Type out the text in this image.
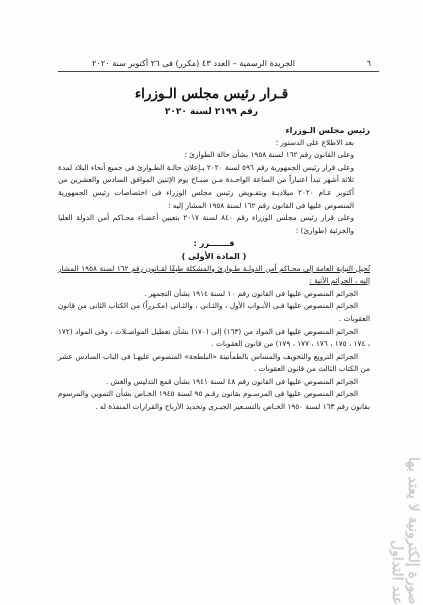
٦
الجريدة الرسمية – العدد ٤٣ (مكرر) فى ٢٦ أكتوبر سنة ٢٠٢٠
قـرار رئيس مجلس الـوزراء
رقم ٢١٩٩ لسنة ٢٠٢٠

رئيس مجلس الـوزراء

بعد الاطلاع على الدستور ؛

وعلى القانون رقم ١٦٢ لسنة ١٩٥٨ بشأن حالة الطوارئ ؛

وعلى قرار رئيس الجمهورية رقم ٥٩٦ لسنة ٢٠٢٠ بـإعلان حالـة الطـوارئ فى جميع أنحاء البلاد لمدة ثلاثة أشهر تبدأ اعتباراً من الساعة الواحـدة مـن صبـاح يوم الإثنين الموافق السادس والعشرين من أكتوبر عـام ٢٠٢٠ ميلاديـة وبتفـويض رئيس مجلس الوزراء فى اختصاصات رئيس الجمهورية المنصوص عليها فى القانون رقم ١٦٢ لسنة ١٩٥٨ المشار إليه ؛

وعلى قرار رئيس مجلس الوزراء رقم ٨٤٠ لسنة ٢٠١٧ بتعيين أعضـاء محـاكم أمن الدولة العليا والجزئية (طوارئ) ؛

قـــــــرر :

( المادة الأولى )

تُحيل النيابة العامة إلى محـاكم أمن الدولـة طـوارئ والمشكلة طبقًا لقـانون رقم ١٦٢ لسنة ١٩٥٨ المشار إليه ، الجرائم الآتية :

الجرائم المنصوص عليها فى القانون رقم ١٠ لسنة ١٩١٤ بشأن التجمهر .

الجرائم المنصوص عليها فـى الأبـواب الأول ، والثـانى ، والثـانى (مكـرراً) من الكتاب الثانى من قانون العقوبات .

الجرائم المنصوص عليها فى المواد من (١٦٣) إلى (١٧٠) بشأن تعطيل المواصـلات ، وفى المواد (١٧٢ ، ١٧٤ ، ١٧٥ ، ١٧٦ ، ١٧٧ ، ١٧٩) من قانون العقوبات .

الجرائم الترويع والتخويف والمساس بالطمأنينة «البلطجة» المنصوص عليهـا فى الباب السادس عشر من الكتاب الثالث من قانون العقوبات .

الجرائم المنصوص عليها فى القانون رقم ٤٨ لسنة ١٩٤١ بشأن قمع التدليس والغش .

الجرائم المنصوص عليها فى المرسـوم بقانون رقـم ٩٥ لسنة ١٩٤٥ الخـاص بشأن التموين والمرسوم بقانون رقم ١٦٣ لسنة ١٩٥٠ الخـاص بالتسـعير الجبـرى وتحديد الأرباح والقرارات المنفذة له .

صورة إلكترونية لا يعتد بها عند التداول
